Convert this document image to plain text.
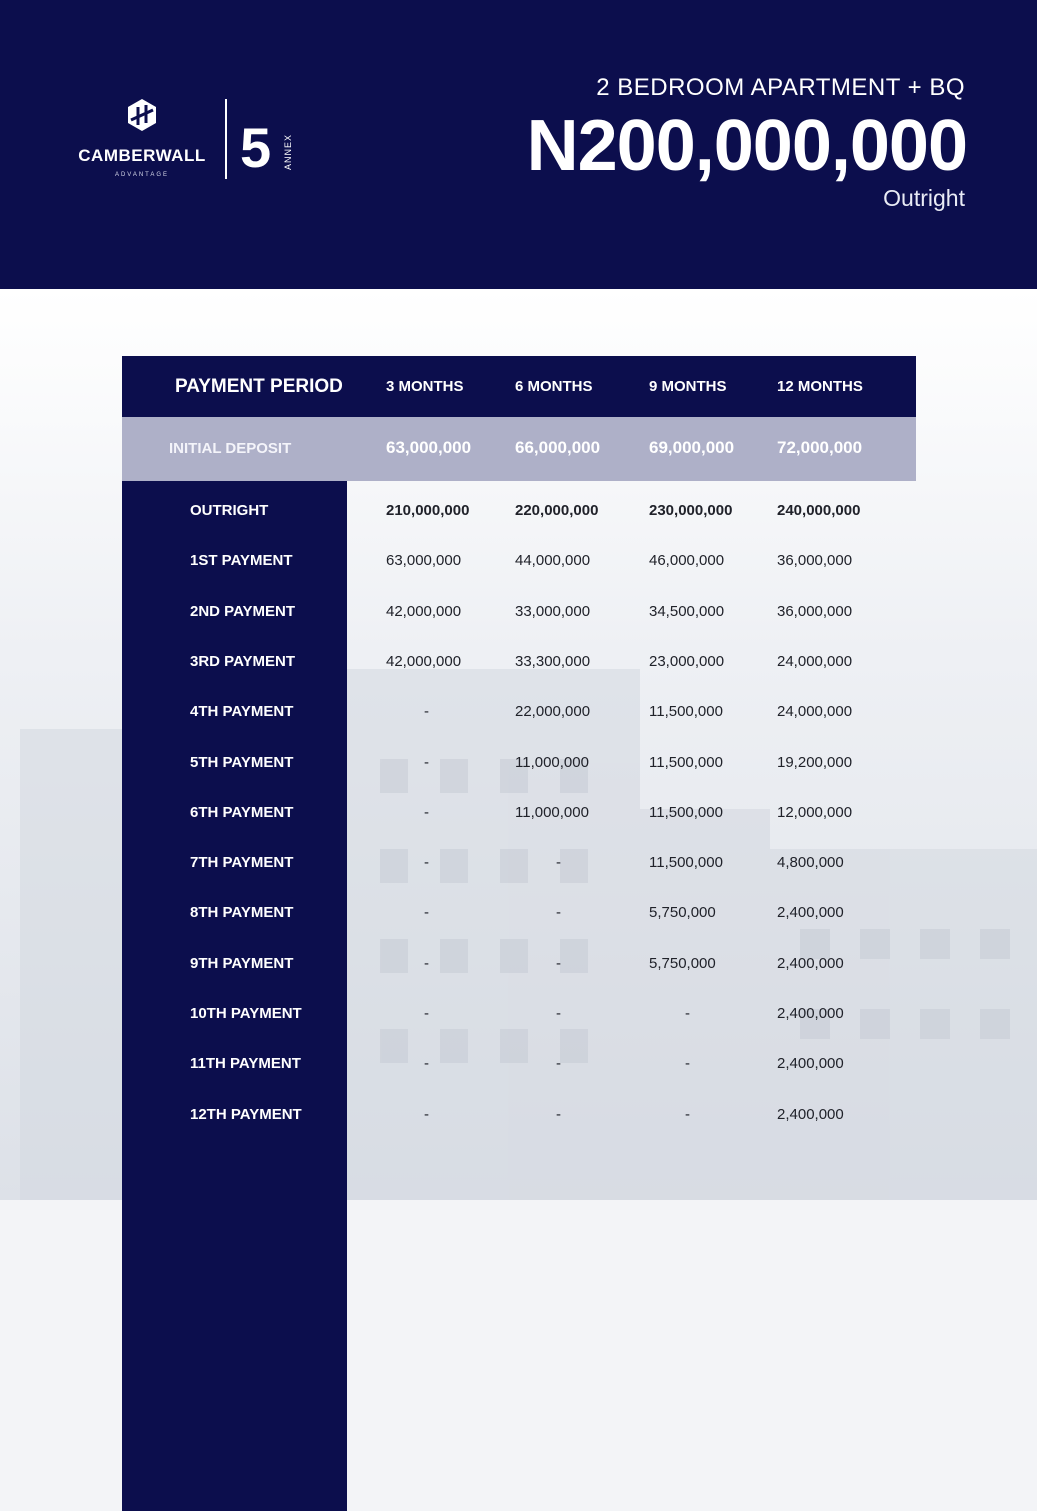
CAMBERWALL
ADVANTAGE	5 ANNEX
2 BEDROOM APARTMENT + BQ
N200,000,000
Outright
PAYMENT PERIOD	3 MONTHS	6 MONTHS	9 MONTHS	12 MONTHS
INITIAL DEPOSIT	63,000,000	66,000,000	69,000,000	72,000,000
OUTRIGHT	210,000,000	220,000,000	230,000,000	240,000,000
1ST PAYMENT	63,000,000	44,000,000	46,000,000	36,000,000
2ND PAYMENT	42,000,000	33,000,000	34,500,000	36,000,000
3RD PAYMENT	42,000,000	33,300,000	23,000,000	24,000,000
4TH PAYMENT	-	22,000,000	11,500,000	24,000,000
5TH PAYMENT	-	11,000,000	11,500,000	19,200,000
6TH PAYMENT	-	11,000,000	11,500,000	12,000,000
7TH PAYMENT	-	-	11,500,000	4,800,000
8TH PAYMENT	-	-	5,750,000	2,400,000
9TH PAYMENT	-	-	5,750,000	2,400,000
10TH PAYMENT	-	-	-	2,400,000
11TH PAYMENT	-	-	-	2,400,000
12TH PAYMENT	-	-	-	2,400,000
